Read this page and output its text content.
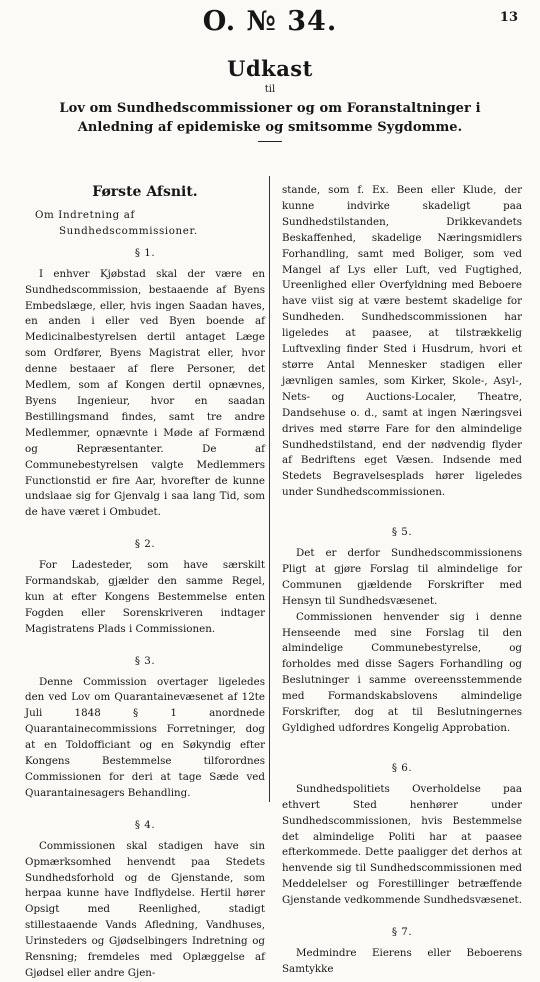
O. № 34.	13
Udkast
til
Lov om Sundhedscommissioner og om Foranstaltninger i Anledning af epidemiske og smitsomme Sygdomme.
Første Afsnit.
Om Indretning af Sundhedscommissioner.
§ 1.

I enhver Kjøbstad skal der være en Sundhedscommission, bestaaende af Byens Embedslæge, eller, hvis ingen Saadan haves, en anden i eller ved Byen boende af Medicinalbestyrelsen dertil antaget Læge som Ordfører, Byens Magistrat eller, hvor denne bestaaer af flere Personer, det Medlem, som af Kongen dertil opnævnes, Byens Ingenieur, hvor en saadan Bestillingsmand findes, samt tre andre Medlemmer, opnævnte i Møde af Formænd og Repræsentanter. De af Communebestyrelsen valgte Medlemmers Functionstid er fire Aar, hvorefter de kunne undslaae sig for Gjenvalg i saa lang Tid, som de have været i Ombudet.

§ 2.

For Ladesteder, som have særskilt Formandskab, gjælder den samme Regel, kun at efter Kongens Bestemmelse enten Fogden eller Sorenskriveren indtager Magistratens Plads i Commissionen.

§ 3.

Denne Commission overtager ligeledes den ved Lov om Quarantainevæsenet af 12te Juli 1848 § 1 anordnede Quarantainecommissions Forretninger, dog at en Toldofficiant og en Søkyndig efter Kongens Bestemmelse tilforordnes Commissionen for deri at tage Sæde ved Quarantainesagers Behandling.

§ 4.

Commissionen skal stadigen have sin Opmærksomhed henvendt paa Stedets Sundhedsforhold og de Gjenstande, som herpaa kunne have Indflydelse. Hertil hører Opsigt med Reenlighed, stadigt stillestaaende Vands Afledning, Vandhuses, Urinsteders og Gjødselbingers Indretning og Rensning; fremdeles med Oplæggelse af Gjødsel eller andre Gjen-

stande, som f. Ex. Been eller Klude, der kunne indvirke skadeligt paa Sundhedstilstanden, Drikkevandets Beskaffenhed, skadelige Næringsmidlers Forhandling, samt med Boliger, som ved Mangel af Lys eller Luft, ved Fugtighed, Ureenlighed eller Overfyldning med Beboere have viist sig at være bestemt skadelige for Sundheden. Sundhedscommissionen har ligeledes at paasee, at tilstrækkelig Luftvexling finder Sted i Husdrum, hvori et større Antal Mennesker stadigen eller jævnligen samles, som Kirker, Skole-, Asyl-, Nets- og Auctions-Localer, Theatre, Dandsehuse o. d., samt at ingen Næringsvei drives med større Fare for den almindelige Sundhedstilstand, end der nødvendig flyder af Bedriftens eget Væsen. Indsende med Stedets Begravelsesplads hører ligeledes under Sundhedscommissionen.

§ 5.

Det er derfor Sundhedscommissionens Pligt at gjøre Forslag til almindelige for Communen gjældende Forskrifter med Hensyn til Sundhedsvæsenet.

Commissionen henvender sig i denne Henseende med sine Forslag til den almindelige Communebestyrelse, og forholdes med disse Sagers Forhandling og Beslutninger i samme overeensstemmende med Formandskabslovens almindelige Forskrifter, dog at til Beslutningernes Gyldighed udfordres Kongelig Approbation.

§ 6.

Sundhedspolitiets Overholdelse paa ethvert Sted henhører under Sundhedscommissionen, hvis Bestemmelse det almindelige Politi har at paasee efterkommede. Dette paaligger det derhos at henvende sig til Sundhedscommissionen med Meddelelser og Forestillinger betræffende Gjenstande vedkommende Sundhedsvæsenet.

§ 7.

Medmindre Eierens eller Beboerens Samtykke
